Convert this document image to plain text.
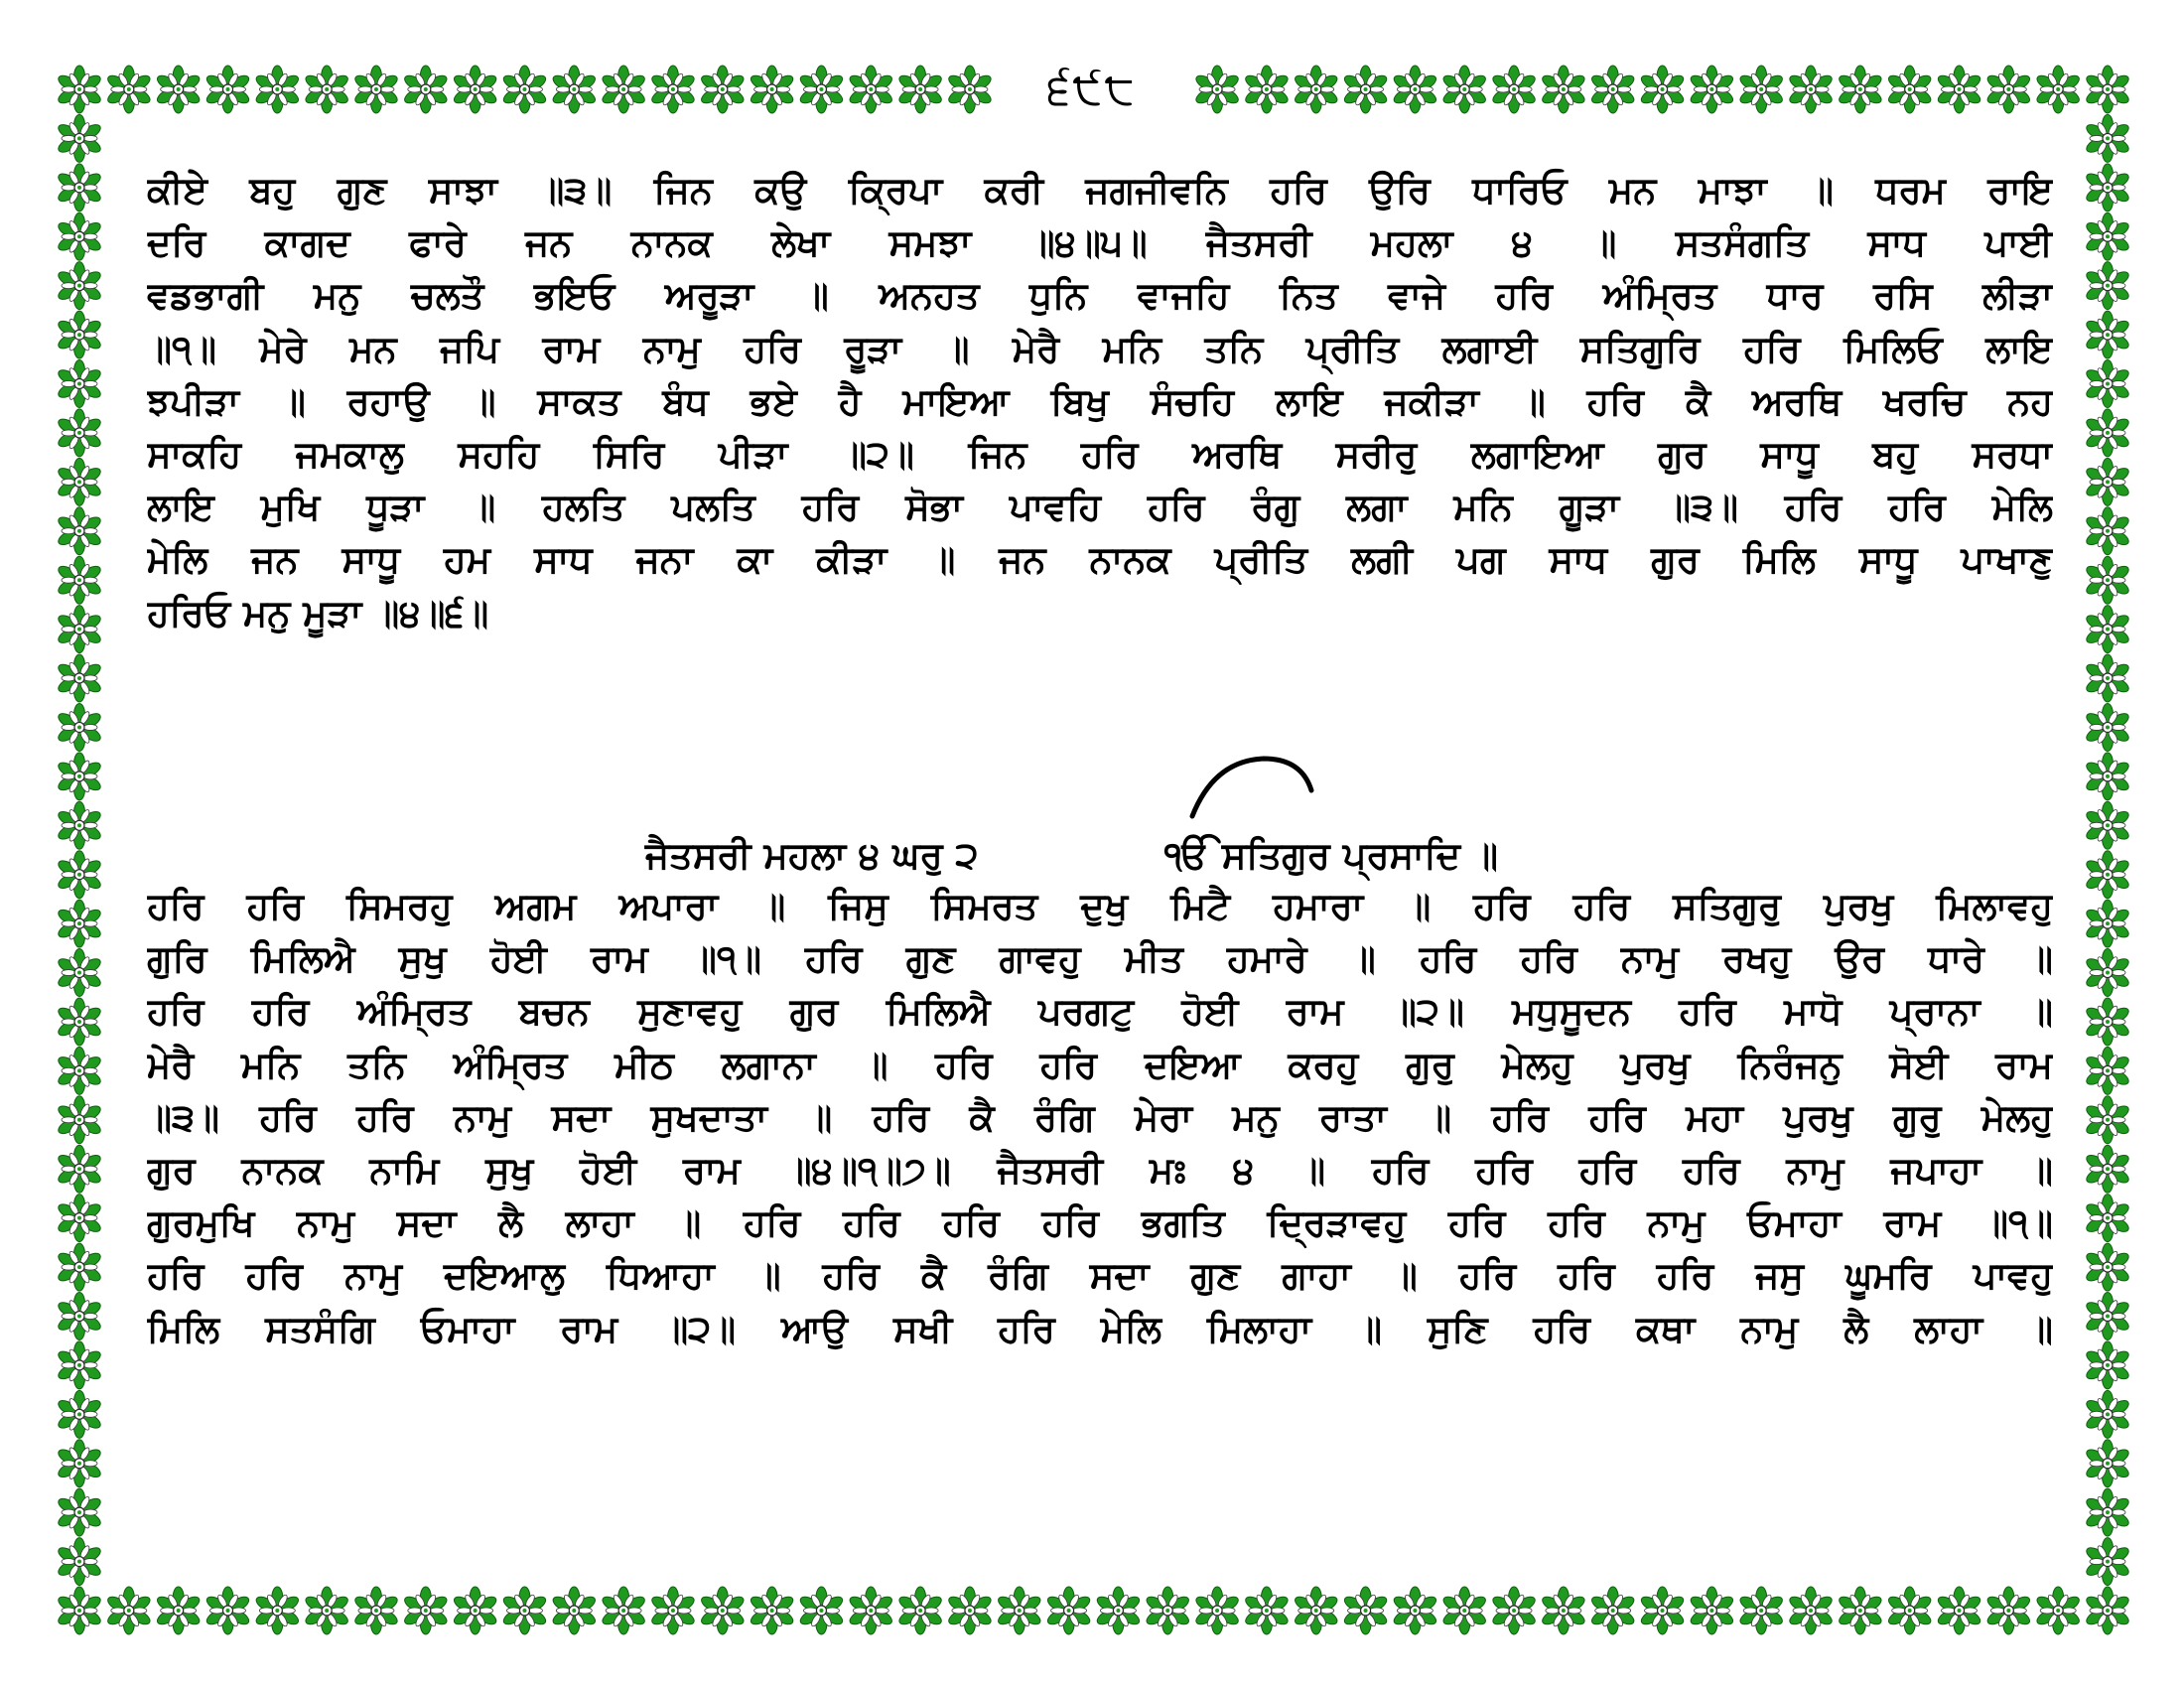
੬੯੮
ਕੀਏ ਬਹੁ ਗੁਣ ਸਾਝਾ ॥੩॥ ਜਿਨ ਕਉ ਕ੍ਰਿਪਾ ਕਰੀ ਜਗਜੀਵਨਿ ਹਰਿ ਉਰਿ ਧਾਰਿਓ ਮਨ ਮਾਝਾ ॥ ਧਰਮ ਰਾਇ
ਦਰਿ ਕਾਗਦ ਫਾਰੇ ਜਨ ਨਾਨਕ ਲੇਖਾ ਸਮਝਾ ॥੪॥੫॥ ਜੈਤਸਰੀ ਮਹਲਾ ੪ ॥ ਸਤਸੰਗਤਿ ਸਾਧ ਪਾਈ
ਵਡਭਾਗੀ ਮਨੁ ਚਲਤੌ ਭਇਓ ਅਰੂੜਾ ॥ ਅਨਹਤ ਧੁਨਿ ਵਾਜਹਿ ਨਿਤ ਵਾਜੇ ਹਰਿ ਅੰਮ੍ਰਿਤ ਧਾਰ ਰਸਿ ਲੀੜਾ
॥੧॥ ਮੇਰੇ ਮਨ ਜਪਿ ਰਾਮ ਨਾਮੁ ਹਰਿ ਰੂੜਾ ॥ ਮੇਰੈ ਮਨਿ ਤਨਿ ਪ੍ਰੀਤਿ ਲਗਾਈ ਸਤਿਗੁਰਿ ਹਰਿ ਮਿਲਿਓ ਲਾਇ
ਝਪੀੜਾ ॥ ਰਹਾਉ ॥ ਸਾਕਤ ਬੰਧ ਭਏ ਹੈ ਮਾਇਆ ਬਿਖੁ ਸੰਚਹਿ ਲਾਇ ਜਕੀੜਾ ॥ ਹਰਿ ਕੈ ਅਰਥਿ ਖਰਚਿ ਨਹ
ਸਾਕਹਿ ਜਮਕਾਲੁ ਸਹਹਿ ਸਿਰਿ ਪੀੜਾ ॥੨॥ ਜਿਨ ਹਰਿ ਅਰਥਿ ਸਰੀਰੁ ਲਗਾਇਆ ਗੁਰ ਸਾਧੂ ਬਹੁ ਸਰਧਾ
ਲਾਇ ਮੁਖਿ ਧੂੜਾ ॥ ਹਲਤਿ ਪਲਤਿ ਹਰਿ ਸੋਭਾ ਪਾਵਹਿ ਹਰਿ ਰੰਗੁ ਲਗਾ ਮਨਿ ਗੂੜਾ ॥੩॥ ਹਰਿ ਹਰਿ ਮੇਲਿ
ਮੇਲਿ ਜਨ ਸਾਧੂ ਹਮ ਸਾਧ ਜਨਾ ਕਾ ਕੀੜਾ ॥ ਜਨ ਨਾਨਕ ਪ੍ਰੀਤਿ ਲਗੀ ਪਗ ਸਾਧ ਗੁਰ ਮਿਲਿ ਸਾਧੂ ਪਾਖਾਣੁ
ਹਰਿਓ ਮਨੁ ਮੂੜਾ ॥੪॥੬॥
ਜੈਤਸਰੀ ਮਹਲਾ ੪ ਘਰੁ ੨	ੴ ਸਤਿਗੁਰ ਪ੍ਰਸਾਦਿ ॥
ਹਰਿ ਹਰਿ ਸਿਮਰਹੁ ਅਗਮ ਅਪਾਰਾ ॥ ਜਿਸੁ ਸਿਮਰਤ ਦੁਖੁ ਮਿਟੈ ਹਮਾਰਾ ॥ ਹਰਿ ਹਰਿ ਸਤਿਗੁਰੁ ਪੁਰਖੁ ਮਿਲਾਵਹੁ
ਗੁਰਿ ਮਿਲਿਐ ਸੁਖੁ ਹੋਈ ਰਾਮ ॥੧॥ ਹਰਿ ਗੁਣ ਗਾਵਹੁ ਮੀਤ ਹਮਾਰੇ ॥ ਹਰਿ ਹਰਿ ਨਾਮੁ ਰਖਹੁ ਉਰ ਧਾਰੇ ॥
ਹਰਿ ਹਰਿ ਅੰਮ੍ਰਿਤ ਬਚਨ ਸੁਣਾਵਹੁ ਗੁਰ ਮਿਲਿਐ ਪਰਗਟੁ ਹੋਈ ਰਾਮ ॥੨॥ ਮਧੁਸੂਦਨ ਹਰਿ ਮਾਧੋ ਪ੍ਰਾਨਾ ॥
ਮੇਰੈ ਮਨਿ ਤਨਿ ਅੰਮ੍ਰਿਤ ਮੀਠ ਲਗਾਨਾ ॥ ਹਰਿ ਹਰਿ ਦਇਆ ਕਰਹੁ ਗੁਰੁ ਮੇਲਹੁ ਪੁਰਖੁ ਨਿਰੰਜਨੁ ਸੋਈ ਰਾਮ
॥੩॥ ਹਰਿ ਹਰਿ ਨਾਮੁ ਸਦਾ ਸੁਖਦਾਤਾ ॥ ਹਰਿ ਕੈ ਰੰਗਿ ਮੇਰਾ ਮਨੁ ਰਾਤਾ ॥ ਹਰਿ ਹਰਿ ਮਹਾ ਪੁਰਖੁ ਗੁਰੁ ਮੇਲਹੁ
ਗੁਰ ਨਾਨਕ ਨਾਮਿ ਸੁਖੁ ਹੋਈ ਰਾਮ ॥੪॥੧॥੭॥ ਜੈਤਸਰੀ ਮਃ ੪ ॥ ਹਰਿ ਹਰਿ ਹਰਿ ਹਰਿ ਨਾਮੁ ਜਪਾਹਾ ॥
ਗੁਰਮੁਖਿ ਨਾਮੁ ਸਦਾ ਲੈ ਲਾਹਾ ॥ ਹਰਿ ਹਰਿ ਹਰਿ ਹਰਿ ਭਗਤਿ ਦ੍ਰਿੜਾਵਹੁ ਹਰਿ ਹਰਿ ਨਾਮੁ ਓਮਾਹਾ ਰਾਮ ॥੧॥
ਹਰਿ ਹਰਿ ਨਾਮੁ ਦਇਆਲੁ ਧਿਆਹਾ ॥ ਹਰਿ ਕੈ ਰੰਗਿ ਸਦਾ ਗੁਣ ਗਾਹਾ ॥ ਹਰਿ ਹਰਿ ਹਰਿ ਜਸੁ ਘੂਮਰਿ ਪਾਵਹੁ
ਮਿਲਿ ਸਤਸੰਗਿ ਓਮਾਹਾ ਰਾਮ ॥੨॥ ਆਉ ਸਖੀ ਹਰਿ ਮੇਲਿ ਮਿਲਾਹਾ ॥ ਸੁਣਿ ਹਰਿ ਕਥਾ ਨਾਮੁ ਲੈ ਲਾਹਾ ॥
